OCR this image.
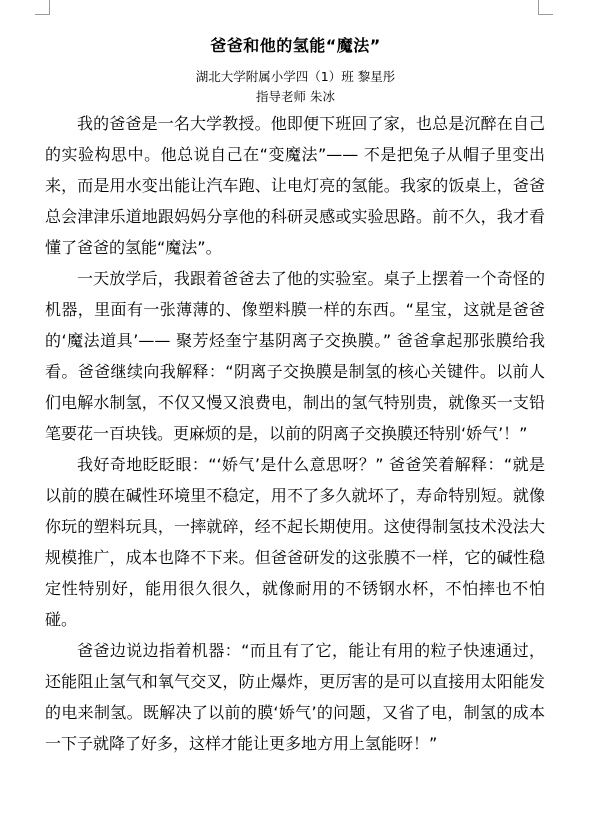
爸爸和他的氢能“魔法”
湖北大学附属小学四（1）班 黎星彤
指导老师 朱冰

我的爸爸是一名大学教授。他即便下班回了家，也总是沉醉在自己的实验构思中。他总说自己在“变魔法”—— 不是把兔子从帽子里变出来，而是用水变出能让汽车跑、让电灯亮的氢能。我家的饭桌上，爸爸总会津津乐道地跟妈妈分享他的科研灵感或实验思路。前不久，我才看懂了爸爸的氢能“魔法”。

一天放学后，我跟着爸爸去了他的实验室。桌子上摆着一个奇怪的机器，里面有一张薄薄的、像塑料膜一样的东西。“星宝，这就是爸爸的‘魔法道具’—— 聚芳烃奎宁基阴离子交换膜。” 爸爸拿起那张膜给我看。爸爸继续向我解释：“阴离子交换膜是制氢的核心关键件。以前人们电解水制氢，不仅又慢又浪费电，制出的氢气特别贵，就像买一支铅笔要花一百块钱。更麻烦的是，以前的阴离子交换膜还特别‘娇气’！”

我好奇地眨眨眼：“‘娇气’是什么意思呀？” 爸爸笑着解释：“就是以前的膜在碱性环境里不稳定，用不了多久就坏了，寿命特别短。就像你玩的塑料玩具，一摔就碎，经不起长期使用。这使得制氢技术没法大规模推广，成本也降不下来。但爸爸研发的这张膜不一样，它的碱性稳定性特别好，能用很久很久，就像耐用的不锈钢水杯，不怕摔也不怕碰。

爸爸边说边指着机器：“而且有了它，能让有用的粒子快速通过，还能阻止氢气和氧气交叉，防止爆炸，更厉害的是可以直接用太阳能发的电来制氢。既解决了以前的膜‘娇气’的问题，又省了电，制氢的成本一下子就降了好多，这样才能让更多地方用上氢能呀！”
